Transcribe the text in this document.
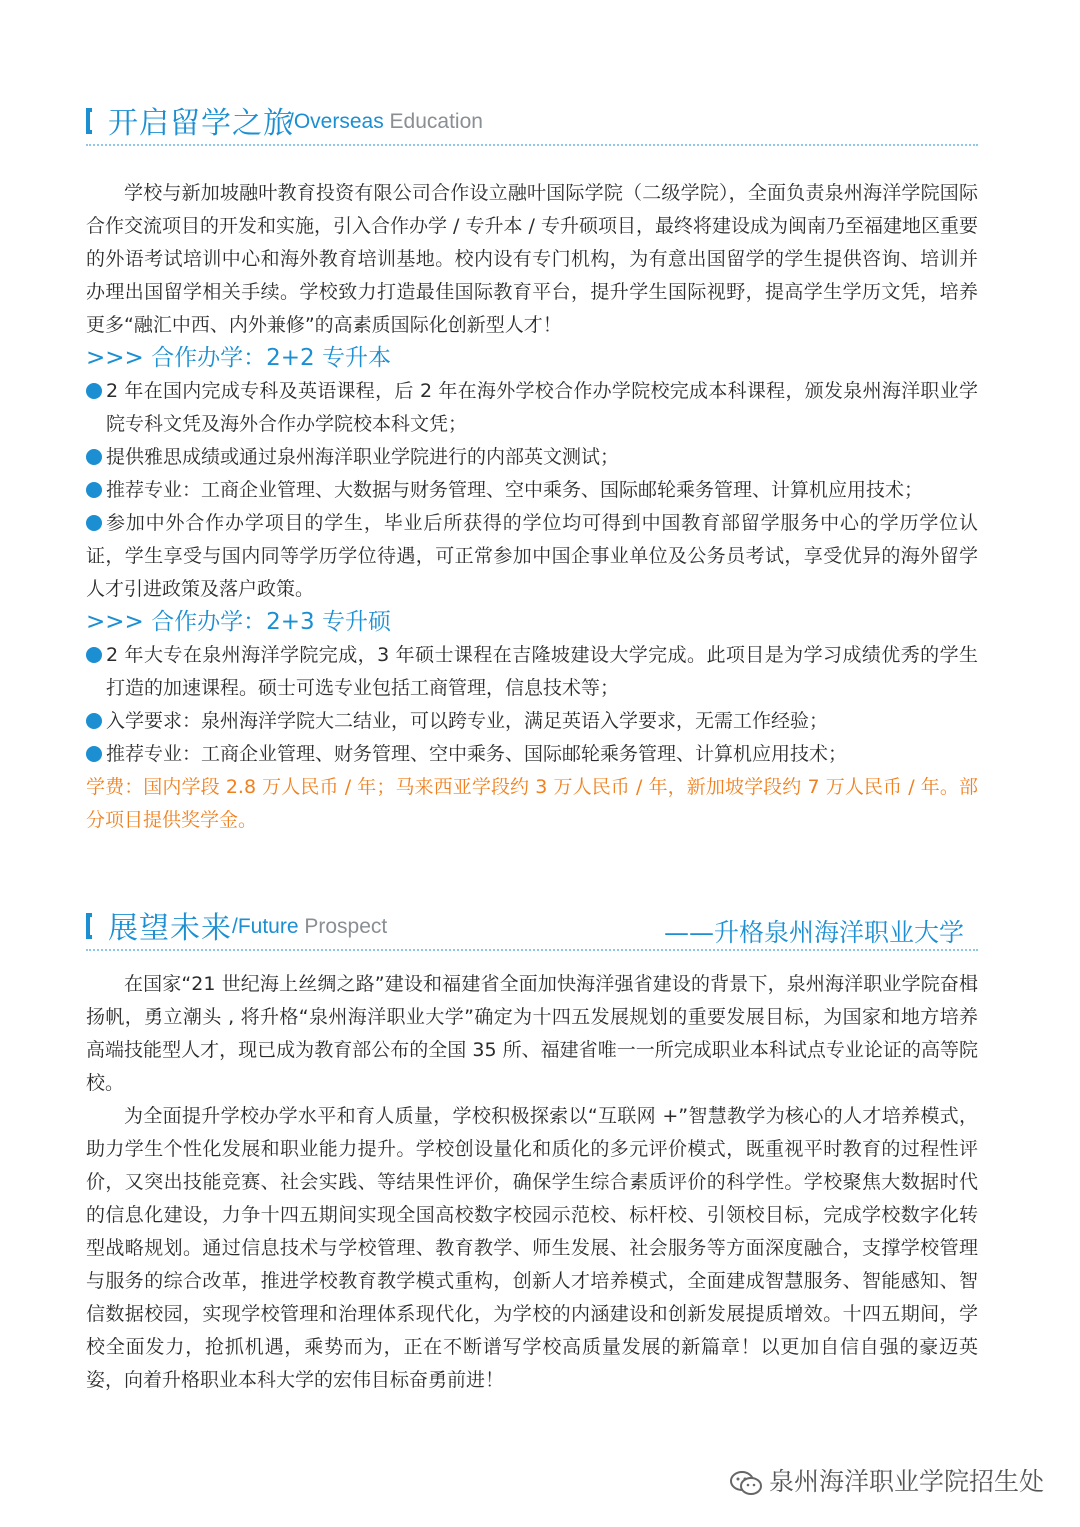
开启留学之旅
/Overseas Education

学校与新加坡融叶教育投资有限公司合作设立融叶国际学院（二级学院），全面负责泉州海洋学院国际合作交流项目的开发和实施，引入合作办学 / 专升本 / 专升硕项目，最终将建设成为闽南乃至福建地区重要的外语考试培训中心和海外教育培训基地。校内设有专门机构，为有意出国留学的学生提供咨询、培训并办理出国留学相关手续。学校致力打造最佳国际教育平台，提升学生国际视野，提高学生学历文凭，培养更多“融汇中西、内外兼修”的高素质国际化创新型人才！

>>> 合作办学：2+2 专升本

2 年在国内完成专科及英语课程，后 2 年在海外学校合作办学院校完成本科课程，颁发泉州海洋职业学院专科文凭及海外合作办学院校本科文凭；

提供雅思成绩或通过泉州海洋职业学院进行的内部英文测试；

推荐专业：工商企业管理、大数据与财务管理、空中乘务、国际邮轮乘务管理、计算机应用技术；

参加中外合作办学项目的学生，毕业后所获得的学位均可得到中国教育部留学服务中心的学历学位认证，学生享受与国内同等学历学位待遇，可正常参加中国企事业单位及公务员考试，享受优异的海外留学人才引进政策及落户政策。

>>> 合作办学：2+3 专升硕

2 年大专在泉州海洋学院完成，3 年硕士课程在吉隆坡建设大学完成。此项目是为学习成绩优秀的学生打造的加速课程。硕士可选专业包括工商管理，信息技术等；

入学要求：泉州海洋学院大二结业，可以跨专业，满足英语入学要求，无需工作经验；

推荐专业：工商企业管理、财务管理、空中乘务、国际邮轮乘务管理、计算机应用技术；

学费：国内学段 2.8 万人民币 / 年；马来西亚学段约 3 万人民币 / 年，新加坡学段约 7 万人民币 / 年。部分项目提供奖学金。

展望未来 /Future Prospect	——升格泉州海洋职业大学

在国家“21 世纪海上丝绸之路”建设和福建省全面加快海洋强省建设的背景下，泉州海洋职业学院奋楫扬帆，勇立潮头 , 将升格“泉州海洋职业大学”确定为十四五发展规划的重要发展目标，为国家和地方培养高端技能型人才，现已成为教育部公布的全国 35 所、福建省唯一一所完成职业本科试点专业论证的高等院校。

为全面提升学校办学水平和育人质量，学校积极探索以“互联网 +”智慧教学为核心的人才培养模式，助力学生个性化发展和职业能力提升。学校创设量化和质化的多元评价模式，既重视平时教育的过程性评价，又突出技能竞赛、社会实践、等结果性评价，确保学生综合素质评价的科学性。学校聚焦大数据时代的信息化建设，力争十四五期间实现全国高校数字校园示范校、标杆校、引领校目标，完成学校数字化转型战略规划。通过信息技术与学校管理、教育教学、师生发展、社会服务等方面深度融合，支撑学校管理与服务的综合改革，推进学校教育教学模式重构，创新人才培养模式，全面建成智慧服务、智能感知、智信数据校园，实现学校管理和治理体系现代化，为学校的内涵建设和创新发展提质增效。十四五期间，学校全面发力，抢抓机遇，乘势而为，正在不断谱写学校高质量发展的新篇章！以更加自信自强的豪迈英姿，向着升格职业本科大学的宏伟目标奋勇前进！

泉州海洋职业学院招生处
